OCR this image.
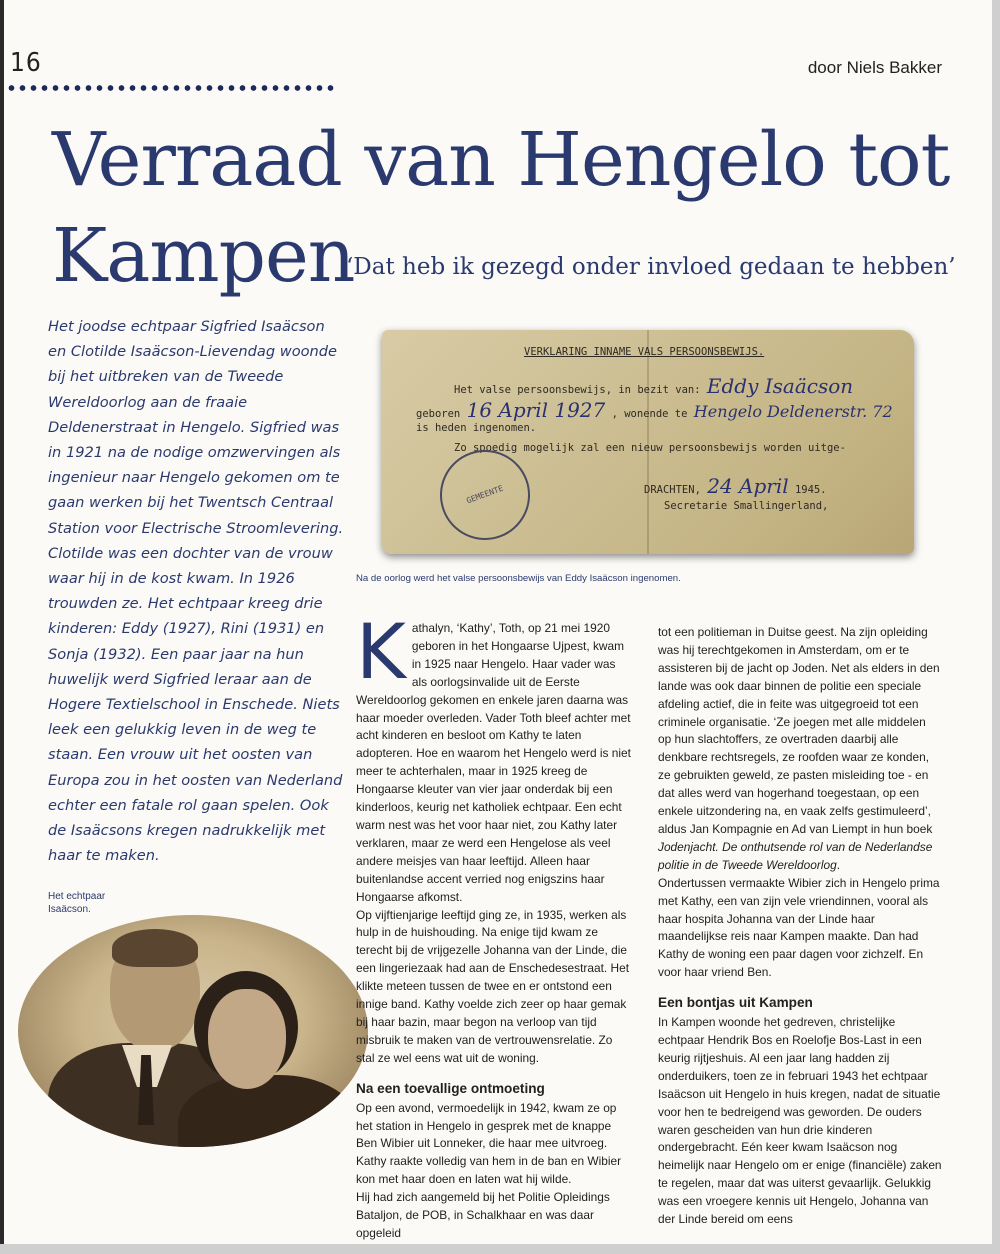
16	door Niels Bakker
Verraad van Hengelo tot Kampen
‘Dat heb ik gezegd onder invloed gedaan te hebben’

Het joodse echtpaar Sigfried Isaäcson en Clotilde Isaäcson-Lievendag woonde bij het uitbreken van de Tweede Wereldoorlog aan de fraaie Deldenerstraat in Hengelo. Sigfried was in 1921 na de nodige omzwervingen als ingenieur naar Hengelo gekomen om te gaan werken bij het Twentsch Centraal Station voor Electrische Stroomlevering. Clotilde was een dochter van de vrouw waar hij in de kost kwam. In 1926 trouwden ze. Het echtpaar kreeg drie kinderen: Eddy (1927), Rini (1931) en Sonja (1932). Een paar jaar na hun huwelijk werd Sigfried leraar aan de Hogere Textielschool in Enschede. Niets leek een gelukkig leven in de weg te staan. Een vrouw uit het oosten van Europa zou in het oosten van Nederland echter een fatale rol gaan spelen. Ook de Isaäcsons kregen nadrukkelijk met haar te maken.

VERKLARING INNAME VALS PERSOONSBEWIJS.
Het valse persoonsbewijs, in bezit van: Eddy Isaäcson
geboren 16 April 1927 , wonende te Hengelo Deldenerstr. 72
is heden ingenomen.
Zo spoedig mogelijk zal een nieuw persoonsbewijs worden uitge-
DRACHTEN, 24 April 1945.
Secretarie Smallingerland,
GEMEENTE
Na de oorlog werd het valse persoonsbewijs van Eddy Isaäcson ingenomen.
Het echtpaar Isaäcson.

Kathalyn, ‘Kathy’, Toth, op 21 mei 1920 geboren in het Hongaarse Ujpest, kwam in 1925 naar Hengelo. Haar vader was als oorlogsinvalide uit de Eerste Wereldoorlog gekomen en enkele jaren daarna was haar moeder overleden. Vader Toth bleef achter met acht kinderen en besloot om Kathy te laten adopteren. Hoe en waarom het Hengelo werd is niet meer te achterhalen, maar in 1925 kreeg de Hongaarse kleuter van vier jaar onderdak bij een kinderloos, keurig net katholiek echtpaar. Een echt warm nest was het voor haar niet, zou Kathy later verklaren, maar ze werd een Hengelose als veel andere meisjes van haar leeftijd. Alleen haar buitenlandse accent verried nog enigszins haar Hongaarse afkomst.

Op vijftienjarige leeftijd ging ze, in 1935, werken als hulp in de huishouding. Na enige tijd kwam ze terecht bij de vrijgezelle Johanna van der Linde, die een lingeriezaak had aan de Enschedesestraat. Het klikte meteen tussen de twee en er ontstond een innige band. Kathy voelde zich zeer op haar gemak bij haar bazin, maar begon na verloop van tijd misbruik te maken van de vertrouwensrelatie. Zo stal ze wel eens wat uit de woning.

Na een toevallige ontmoeting

Op een avond, vermoedelijk in 1942, kwam ze op het station in Hengelo in gesprek met de knappe Ben Wibier uit Lonneker, die haar mee uitvroeg. Kathy raakte volledig van hem in de ban en Wibier kon met haar doen en laten wat hij wilde.

Hij had zich aangemeld bij het Politie Opleidings Bataljon, de POB, in Schalkhaar en was daar opgeleid

tot een politieman in Duitse geest. Na zijn opleiding was hij terechtgekomen in Amsterdam, om er te assisteren bij de jacht op Joden. Net als elders in den lande was ook daar binnen de politie een speciale afdeling actief, die in feite was uitgegroeid tot een criminele organisatie. ‘Ze joegen met alle middelen op hun slachtoffers, ze overtraden daarbij alle denkbare rechtsregels, ze roofden waar ze konden, ze gebruikten geweld, ze pasten misleiding toe - en dat alles werd van hogerhand toegestaan, op een enkele uitzondering na, en vaak zelfs gestimuleerd’, aldus Jan Kompagnie en Ad van Liempt in hun boek Jodenjacht. De onthutsende rol van de Nederlandse politie in de Tweede Wereldoorlog.

Ondertussen vermaakte Wibier zich in Hengelo prima met Kathy, een van zijn vele vriendinnen, vooral als haar hospita Johanna van der Linde haar maandelijkse reis naar Kampen maakte. Dan had Kathy de woning een paar dagen voor zichzelf. En voor haar vriend Ben.

Een bontjas uit Kampen

In Kampen woonde het gedreven, christelijke echtpaar Hendrik Bos en Roelofje Bos-Last in een keurig rijtjeshuis. Al een jaar lang hadden zij onderduikers, toen ze in februari 1943 het echtpaar Isaäcson uit Hengelo in huis kregen, nadat de situatie voor hen te bedreigend was geworden. De ouders waren gescheiden van hun drie kinderen ondergebracht. Eén keer kwam Isaäcson nog heimelijk naar Hengelo om er enige (financiële) zaken te regelen, maar dat was uiterst gevaarlijk. Gelukkig was een vroegere kennis uit Hengelo, Johanna van der Linde bereid om eens
